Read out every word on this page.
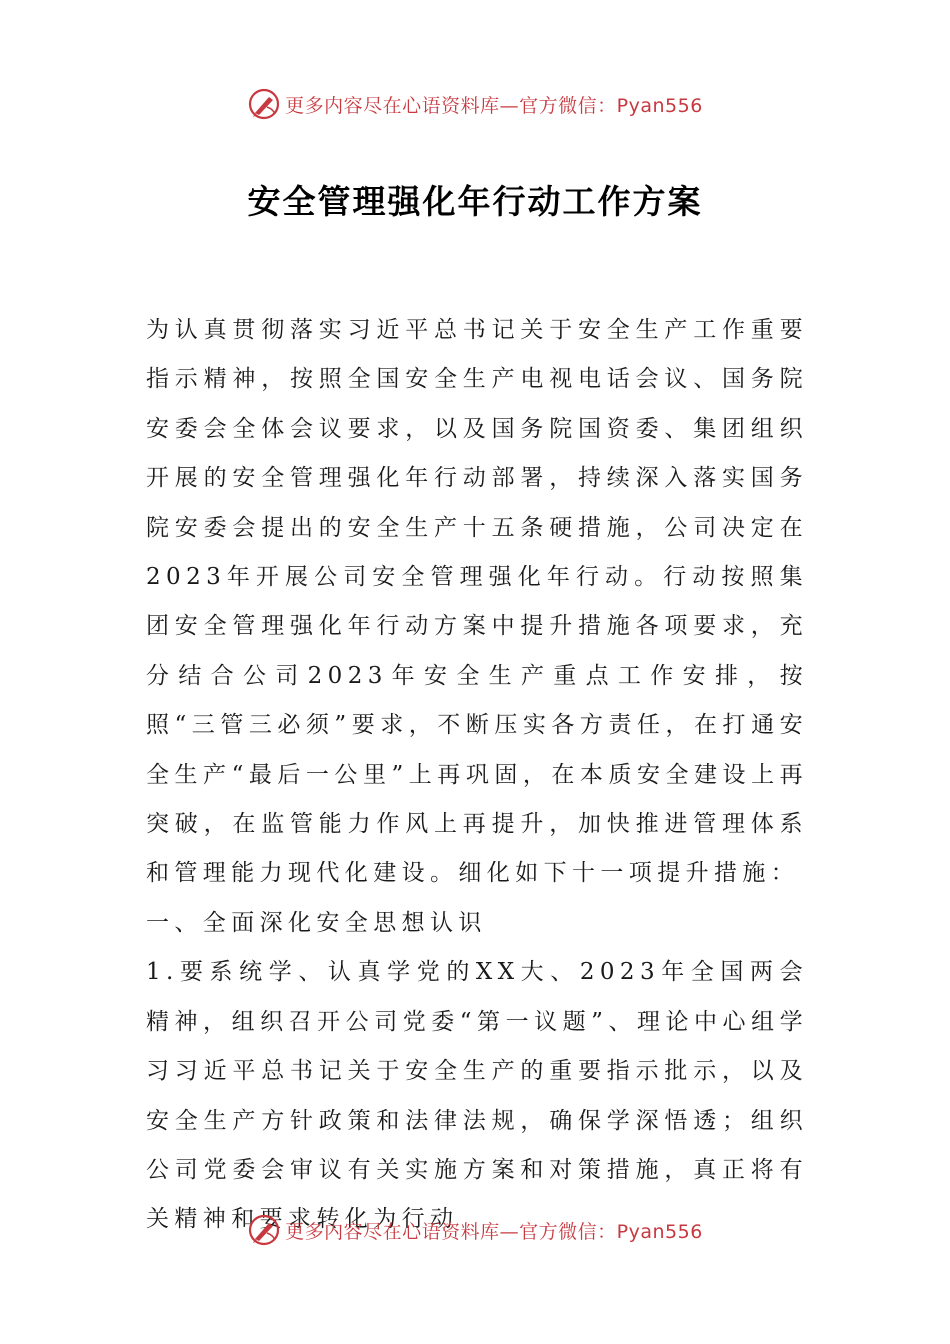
更多内容尽在心语资料库—官方微信：Pyan556
安全管理强化年行动工作方案

为认真贯彻落实习近平总书记关于安全生产工作重要指示精神，按照全国安全生产电视电话会议、国务院安委会全体会议要求，以及国务院国资委、集团组织开展的安全管理强化年行动部署，持续深入落实国务院安委会提出的安全生产十五条硬措施，公司决定在2023年开展公司安全管理强化年行动。行动按照集团安全管理强化年行动方案中提升措施各项要求，充分结合公司2023年安全生产重点工作安排，按照“三管三必须”要求，不断压实各方责任，在打通安全生产“最后一公里”上再巩固，在本质安全建设上再突破，在监管能力作风上再提升，加快推进管理体系和管理能力现代化建设。细化如下十一项提升措施：

一、全面深化安全思想认识

1.要系统学、认真学党的XX大、2023年全国两会精神，组织召开公司党委“第一议题”、理论中心组学习习近平总书记关于安全生产的重要指示批示，以及安全生产方针政策和法律法规，确保学深悟透；组织公司党委会审议有关实施方案和对策措施，真正将有关精神和要求转化为行动

更多内容尽在心语资料库—官方微信：Pyan556
